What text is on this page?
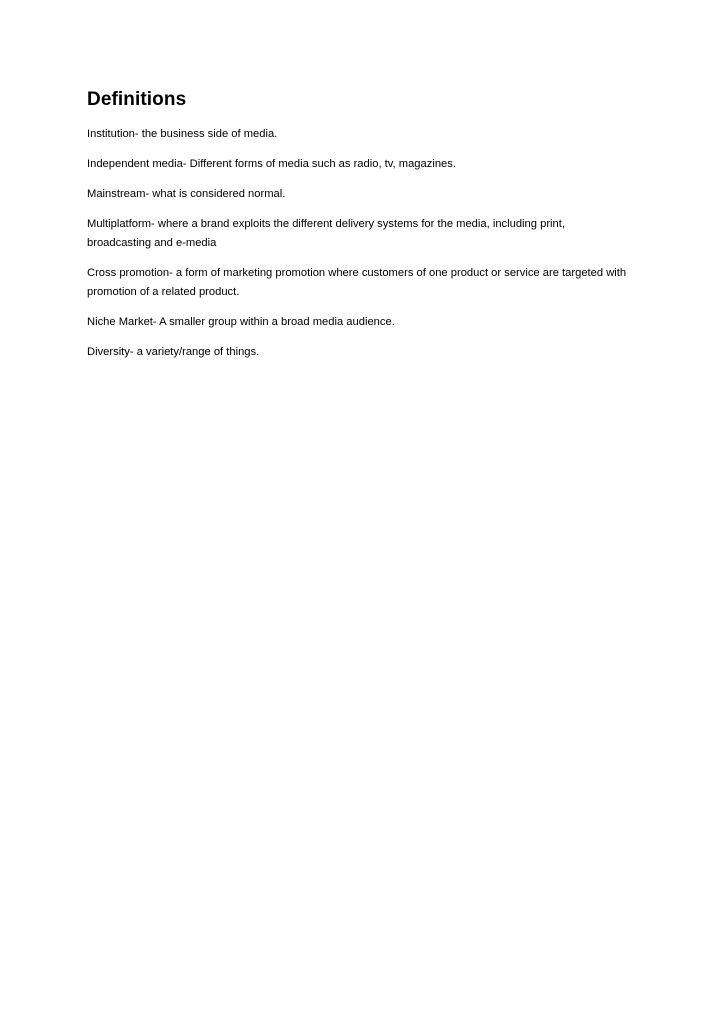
Definitions

Institution- the business side of media.

Independent media- Different forms of media such as radio, tv, magazines.

Mainstream- what is considered normal.

Multiplatform- where a brand exploits the different delivery systems for the media, including print, broadcasting and e-media

Cross promotion- a form of marketing promotion where customers of one product or service are targeted with promotion of a related product.

Niche Market- A smaller group within a broad media audience.

Diversity- a variety/range of things.
